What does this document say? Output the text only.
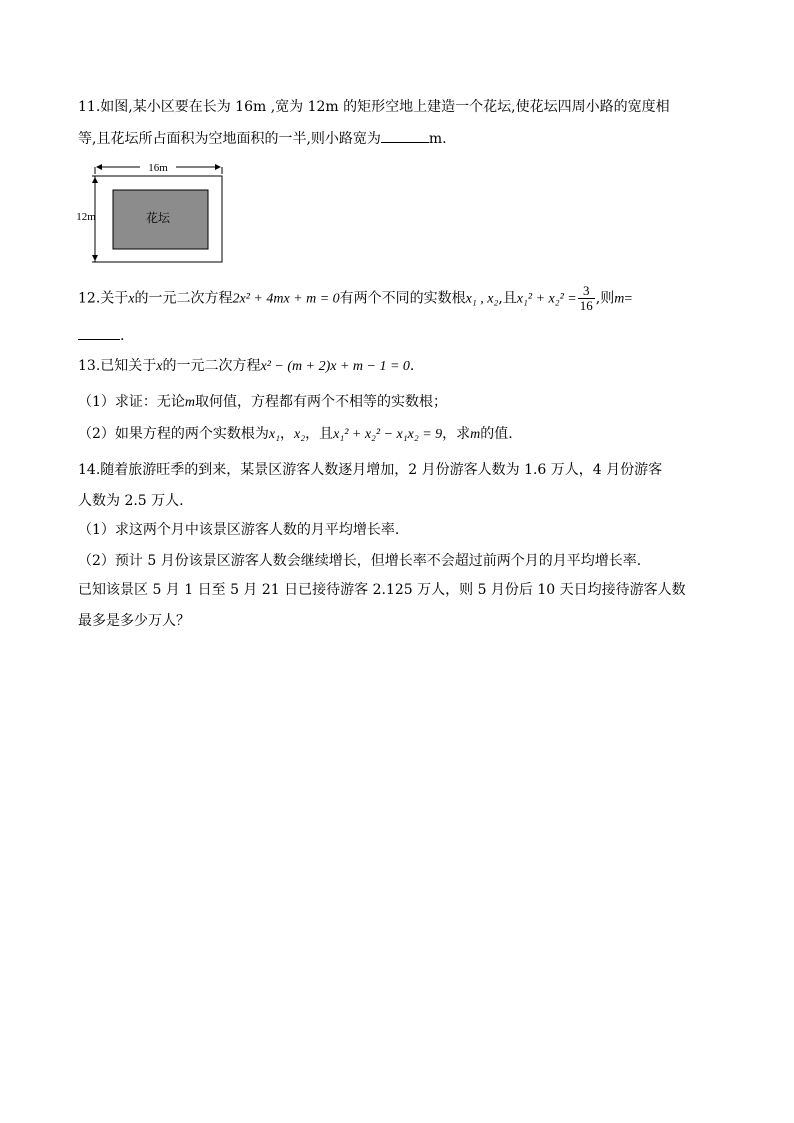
11.如图,某小区要在长为 16m ,宽为 12m 的矩形空地上建造一个花坛,使花坛四周小路的宽度相
等,且花坛所占面积为空地面积的一半,则小路宽为	m.
16m
12m	花坛
12.关于x的一元二次方程2x² + 4mx + m = 0有两个不同的实数根x₁ , x₂,且$x_1^2 + x_2^2 = \frac{3}{16}$ ,则m=
.
13.已知关于x的一元二次方程x² − (m + 2)x + m − 1 = 0.
（1）求证：无论m取何值，方程都有两个不相等的实数根；
（2）如果方程的两个实数根为x₁，x₂，且x₁² + x₂² − x₁x₂ = 9，求m的值.
14.随着旅游旺季的到来，某景区游客人数逐月增加，2 月份游客人数为 1.6 万人，4 月份游客
人数为 2.5 万人.
（1）求这两个月中该景区游客人数的月平均增长率.
（2）预计 5 月份该景区游客人数会继续增长，但增长率不会超过前两个月的月平均增长率.
已知该景区 5 月 1 日至 5 月 21 日已接待游客 2.125 万人，则 5 月份后 10 天日均接待游客人数
最多是多少万人？
